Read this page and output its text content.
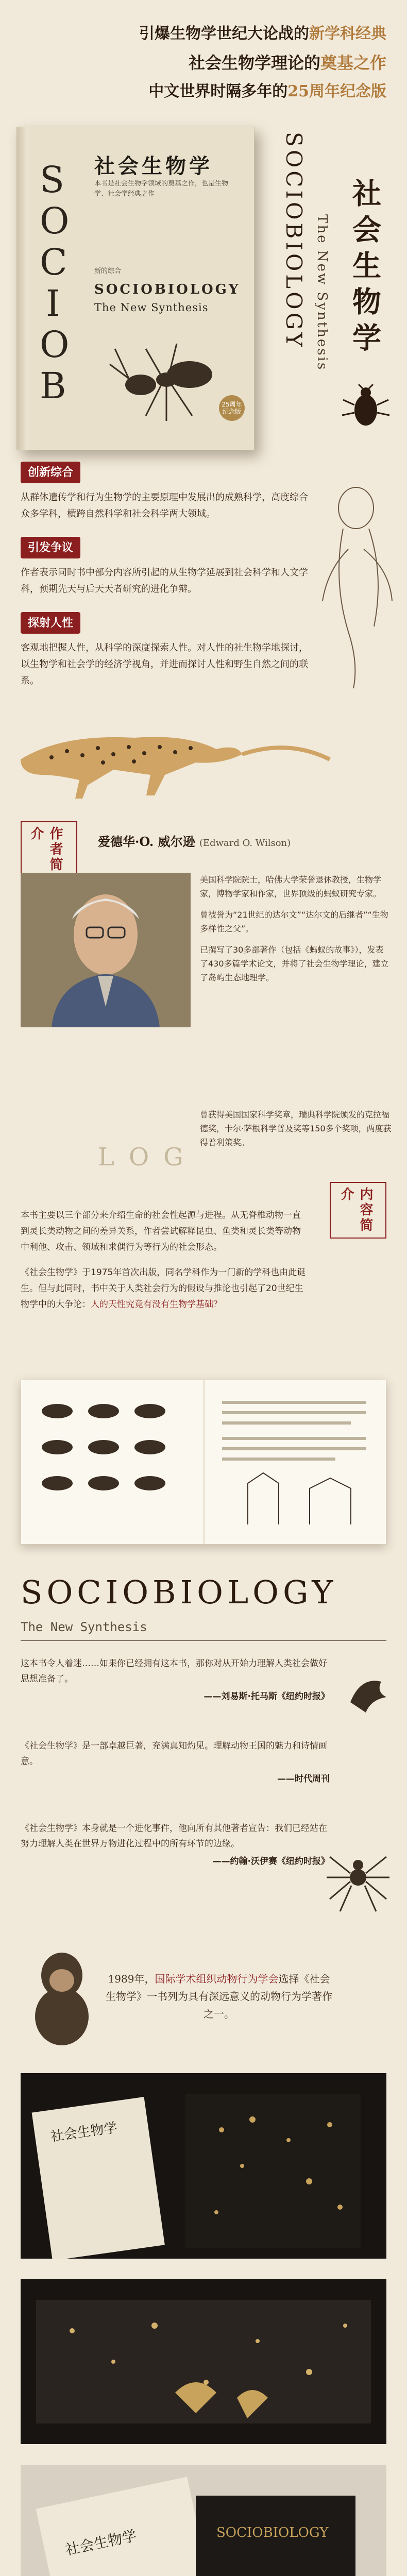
引爆生物学世纪大论战的新学科经典
社会生物学理论的奠基之作
中文世界时隔多年的25周年纪念版
S
O
C
I
O
B
社会生物学
本书是社会生物学领域的奠基之作，也是生物学、社会学经典之作
新的综合
SOCIOBIOLOGY
The New Synthesis
25周年纪念版
SOCIOBIOLOGY The New Synthesis 社会生物学
创新综合

从群体遗传学和行为生物学的主要原理中发展出的成熟科学，高度综合众多学科，横跨自然科学和社会科学两大领域。

引发争议

作者表示同时书中部分内容所引起的从生物学延展到社会科学和人文学科，预期先天与后天天者研究的进化争辩。

探射人性

客观地把握人性，从科学的深度探索人性。对人性的社生物学地探讨，以生物学和社会学的经济学视角，并进而探讨人性和野生自然之间的联系。

作者简介	爱德华·O. 威尔逊 (Edward O. Wilson)

美国科学院院士，哈佛大学荣誉退休教授，生物学家，博物学家和作家，世界顶级的蚂蚁研究专家。

曾被誉为“21世纪的达尔文”“达尔文的后继者”“生物多样性之父”。

已撰写了30多部著作（包括《蚂蚁的故事》），发表了430多篇学术论文，并将了社会生物学理论，建立了岛屿生态地理学。

曾获得美国国家科学奖章，瑞典科学院颁发的克拉福德奖，卡尔·萨根科学普及奖等150多个奖项，两度获得普利策奖。
LOG
内容简介

本书主要以三个部分来介绍生命的社会性起源与进程。从无脊椎动物一直到灵长类动物之间的差异关系，作者尝试解释昆虫、鱼类和灵长类等动物中利他、攻击、领域和求偶行为等行为的社会形态。

《社会生物学》于1975年首次出版，同名学科作为一门新的学科也由此诞生。但与此同时，书中关于人类社会行为的假设与推论也引起了20世纪生物学中的大争论：人的天性究竟有没有生物学基础？

SOCIOBIOLOGY
The New Synthesis
这本书令人着迷……如果你已经拥有这本书，那你对从开始力理解人类社会做好思想准备了。
——刘易斯·托马斯《纽约时报》
《社会生物学》是一部卓越巨著，充满真知灼见。理解动物王国的魅力和诗情画意。
——时代周刊
《社会生物学》本身就是一个进化事件，他向所有其他著者宣告：我们已经站在努力理解人类在世界万物进化过程中的所有环节的边缘。
——约翰·沃伊赛《纽约时报》
1989年，国际学术组织动物行为学会选择《社会生物学》一书列为具有深远意义的动物行为学著作之一。
社会生物学
社会生物学	SOCIOBIOLOGY
